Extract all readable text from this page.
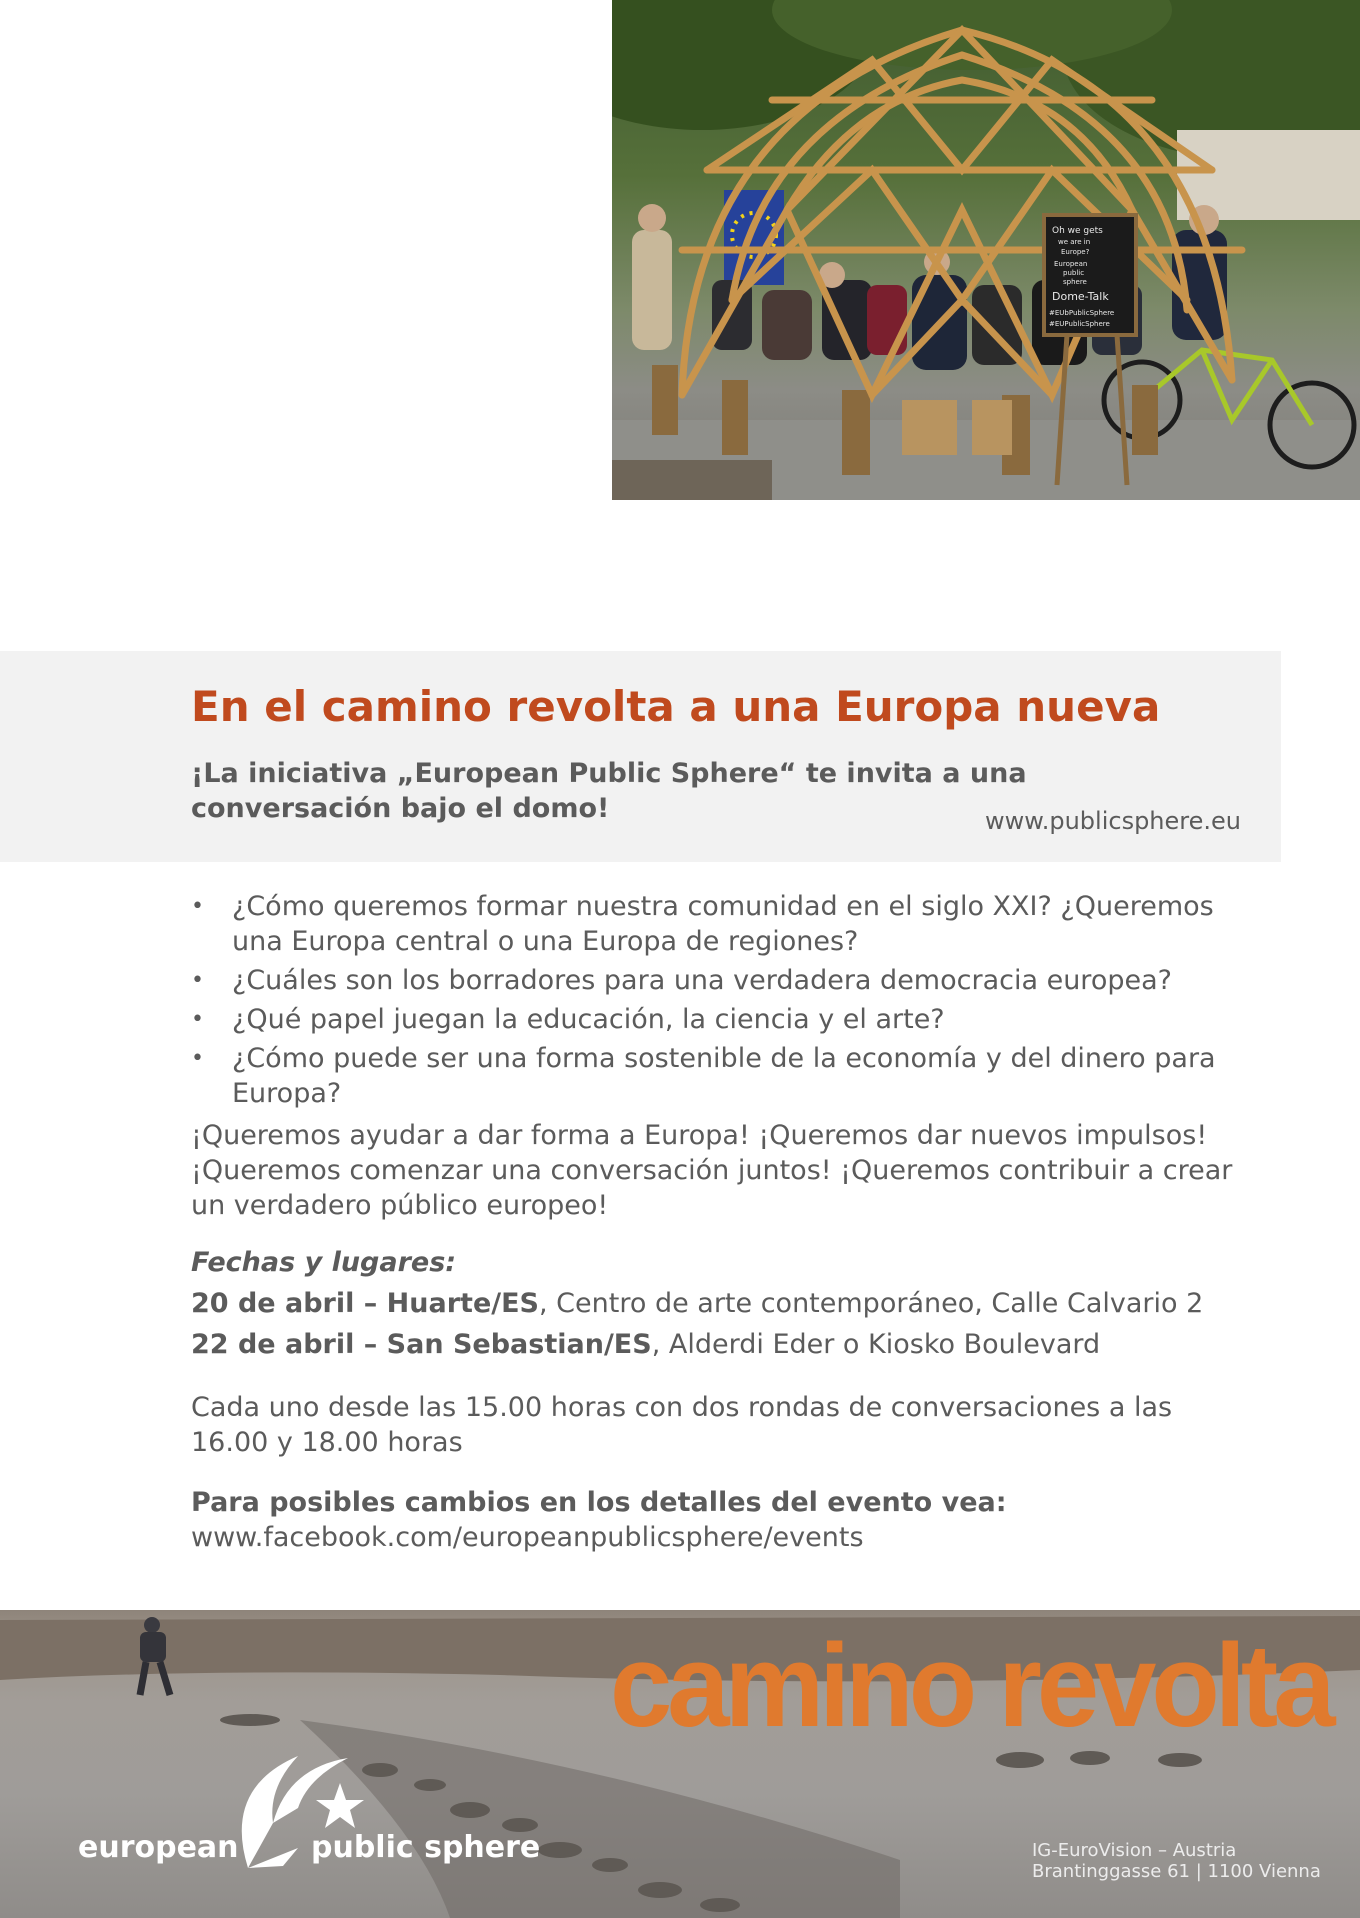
Oh we gets
we are in
Europe?
European
public
sphere
Dome-Talk
#EUbPublicSphere
#EUPublicSphere
En el camino revolta a una Europa nueva
¡La iniciativa „European Public Sphere“ te invita a una conversación bajo el domo!	www.publicsphere.eu
• ¿Cómo queremos formar nuestra comunidad en el siglo XXI? ¿Queremos una Europa central o una Europa de regiones?
• ¿Cuáles son los borradores para una verdadera democracia europea?
• ¿Qué papel juegan la educación, la ciencia y el arte?
• ¿Cómo puede ser una forma sostenible de la economía y del dinero para Europa?

¡Queremos ayudar a dar forma a Europa! ¡Queremos dar nuevos impulsos! ¡Queremos comenzar una conversación juntos! ¡Queremos contribuir a crear un verdadero público europeo!

Fechas y lugares:
20 de abril – Huarte/ES, Centro de arte contemporáneo, Calle Calvario 2
22 de abril – San Sebastian/ES, Alderdi Eder o Kiosko Boulevard

Cada uno desde las 15.00 horas con dos rondas de conversaciones a las 16.00 y 18.00 horas

Para posibles cambios en los detalles del evento vea:
www.facebook.com/europeanpublicsphere/events
camino revolta
european public sphere	IG-EuroVision – Austria
Brantinggasse 61 | 1100 Vienna
